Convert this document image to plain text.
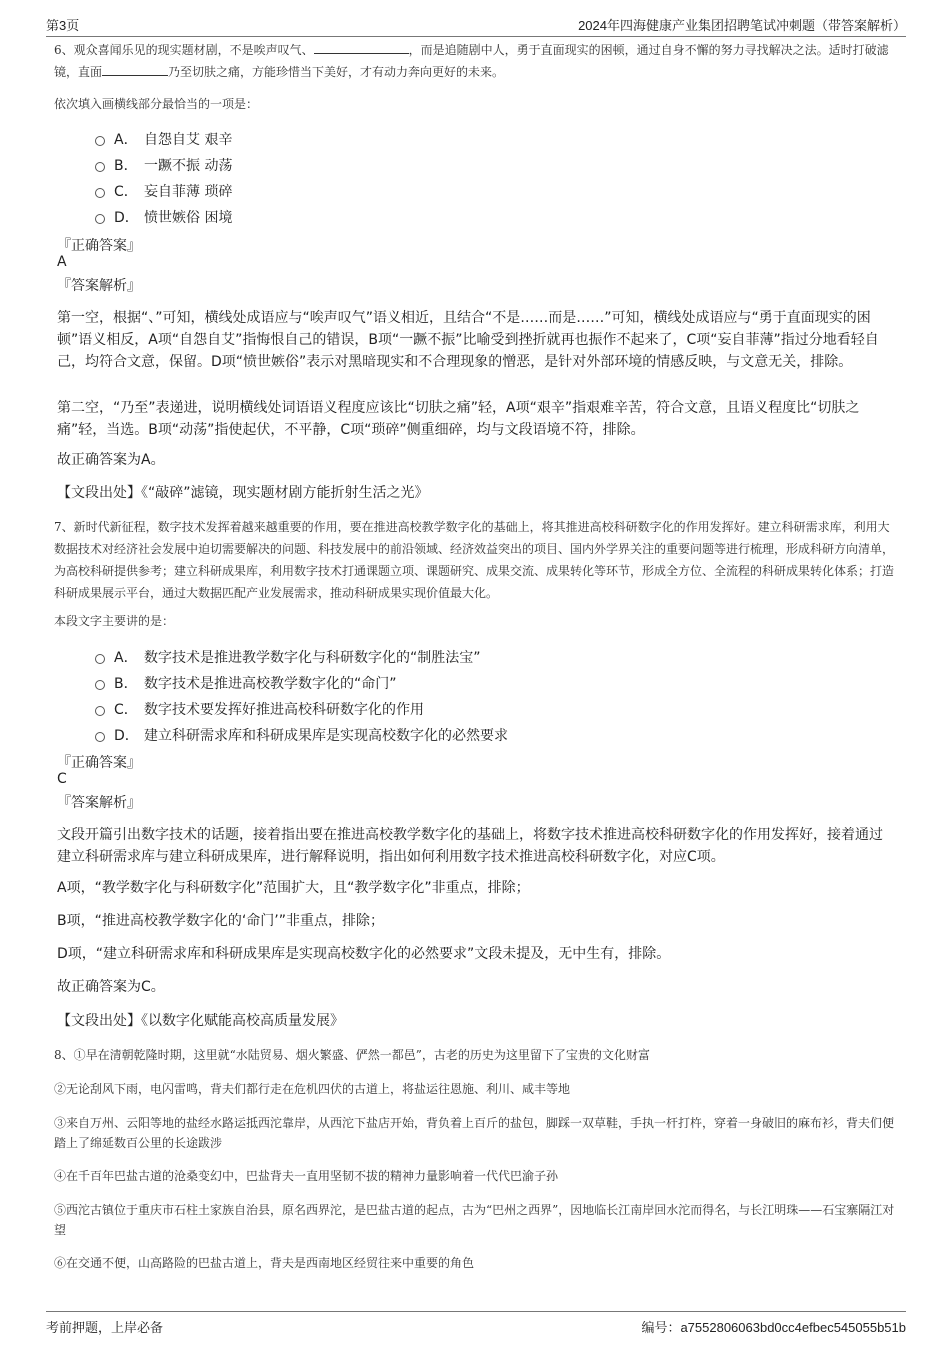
第3页	2024年四海健康产业集团招聘笔试冲刺题（带答案解析）

6、观众喜闻乐见的现实题材剧，不是唉声叹气、	，而是追随剧中人，勇于直面现实的困顿，通过自身不懈的努力寻找解决之法。适时打破滤镜，直面	乃至切肤之痛，方能珍惜当下美好，才有动力奔向更好的未来。

依次填入画横线部分最恰当的一项是：
A． 自怨自艾 艰辛
B． 一蹶不振 动荡
C． 妄自菲薄 琐碎
D． 愤世嫉俗 困境
『正确答案』
A
『答案解析』

第一空，根据“、”可知，横线处成语应与“唉声叹气”语义相近，且结合“不是……而是……”可知，横线处成语应与“勇于直面现实的困顿”语义相反，A项“自怨自艾”指悔恨自己的错误，B项“一蹶不振”比喻受到挫折就再也振作不起来了，C项“妄自菲薄”指过分地看轻自己，均符合文意，保留。D项“愤世嫉俗”表示对黑暗现实和不合理现象的憎恶，是针对外部环境的情感反映，与文意无关，排除。

第二空，“乃至”表递进，说明横线处词语语义程度应该比“切肤之痛”轻，A项“艰辛”指艰难辛苦，符合文意，且语义程度比“切肤之痛”轻，当选。B项“动荡”指使起伏，不平静，C项“琐碎”侧重细碎，均与文段语境不符，排除。

故正确答案为A。

【文段出处】《“敲碎”滤镜，现实题材剧方能折射生活之光》

7、新时代新征程，数字技术发挥着越来越重要的作用，要在推进高校教学数字化的基础上，将其推进高校科研数字化的作用发挥好。建立科研需求库，利用大数据技术对经济社会发展中迫切需要解决的问题、科技发展中的前沿领域、经济效益突出的项目、国内外学界关注的重要问题等进行梳理，形成科研方向清单，为高校科研提供参考；建立科研成果库，利用数字技术打通课题立项、课题研究、成果交流、成果转化等环节，形成全方位、全流程的科研成果转化体系；打造科研成果展示平台，通过大数据匹配产业发展需求，推动科研成果实现价值最大化。

本段文字主要讲的是：
A． 数字技术是推进教学数字化与科研数字化的“制胜法宝”
B． 数字技术是推进高校教学数字化的“命门”
C． 数字技术要发挥好推进高校科研数字化的作用
D． 建立科研需求库和科研成果库是实现高校数字化的必然要求
『正确答案』
C
『答案解析』

文段开篇引出数字技术的话题，接着指出要在推进高校教学数字化的基础上，将数字技术推进高校科研数字化的作用发挥好，接着通过建立科研需求库与建立科研成果库，进行解释说明，指出如何利用数字技术推进高校科研数字化，对应C项。

A项，“教学数字化与科研数字化”范围扩大，且“教学数字化”非重点，排除；

B项，“推进高校教学数字化的‘命门’”非重点，排除；

D项，“建立科研需求库和科研成果库是实现高校数字化的必然要求”文段未提及，无中生有，排除。

故正确答案为C。

【文段出处】《以数字化赋能高校高质量发展》

8、①早在清朝乾隆时期，这里就“水陆贸易、烟火繁盛、俨然一都邑”，古老的历史为这里留下了宝贵的文化财富

②无论刮风下雨，电闪雷鸣，背夫们都行走在危机四伏的古道上，将盐运往恩施、利川、咸丰等地

③来自万州、云阳等地的盐经水路运抵西沱靠岸，从西沱下盐店开始，背负着上百斤的盐包，脚踩一双草鞋，手执一杆打杵，穿着一身破旧的麻布衫，背夫们便踏上了绵延数百公里的长途跋涉

④在千百年巴盐古道的沧桑变幻中，巴盐背夫一直用坚韧不拔的精神力量影响着一代代巴渝子孙

⑤西沱古镇位于重庆市石柱土家族自治县，原名西界沱，是巴盐古道的起点，古为“巴州之西界”，因地临长江南岸回水沱而得名，与长江明珠——石宝寨隔江对望

⑥在交通不便，山高路险的巴盐古道上，背夫是西南地区经贸往来中重要的角色

考前押题，上岸必备	编号：a7552806063bd0cc4efbec545055b51b
